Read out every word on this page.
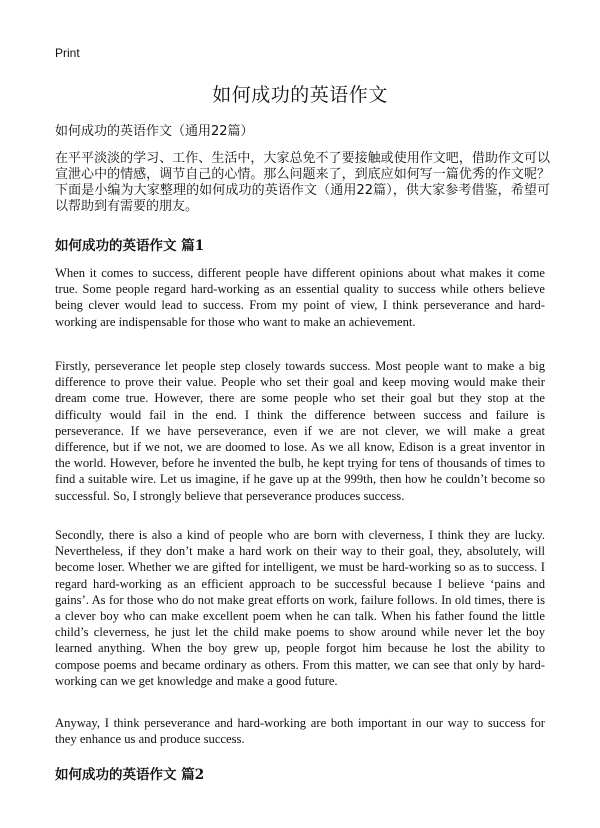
Print
如何成功的英语作文
如何成功的英语作文（通用22篇）
在平平淡淡的学习、工作、生活中，大家总免不了要接触或使用作文吧，借助作文可以宣泄心中的情感，调节自己的心情。那么问题来了，到底应如何写一篇优秀的作文呢？下面是小编为大家整理的如何成功的英语作文（通用22篇），供大家参考借鉴，希望可以帮助到有需要的朋友。
如何成功的英语作文 篇1

When it comes to success, different people have different opinions about what makes it come true. Some people regard hard-working as an essential quality to success while others believe being clever would lead to success. From my point of view, I think perseverance and hard-working are indispensable for those who want to make an achievement.

Firstly, perseverance let people step closely towards success. Most people want to make a big difference to prove their value. People who set their goal and keep moving would make their dream come true. However, there are some people who set their goal but they stop at the difficulty would fail in the end. I think the difference between success and failure is perseverance. If we have perseverance, even if we are not clever, we will make a great difference, but if we not, we are doomed to lose. As we all know, Edison is a great inventor in the world. However, before he invented the bulb, he kept trying for tens of thousands of times to find a suitable wire. Let us imagine, if he gave up at the 999th, then how he couldn’t become so successful. So, I strongly believe that perseverance produces success.

Secondly, there is also a kind of people who are born with cleverness, I think they are lucky. Nevertheless, if they don’t make a hard work on their way to their goal, they, absolutely, will become loser. Whether we are gifted for intelligent, we must be hard-working so as to success. I regard hard-working as an efficient approach to be successful because I believe ‘pains and gains’. As for those who do not make great efforts on work, failure follows. In old times, there is a clever boy who can make excellent poem when he can talk. When his father found the little child’s cleverness, he just let the child make poems to show around while never let the boy learned anything. When the boy grew up, people forgot him because he lost the ability to compose poems and became ordinary as others. From this matter, we can see that only by hard-working can we get knowledge and make a good future.

Anyway, I think perseverance and hard-working are both important in our way to success for they enhance us and produce success.

如何成功的英语作文 篇2
